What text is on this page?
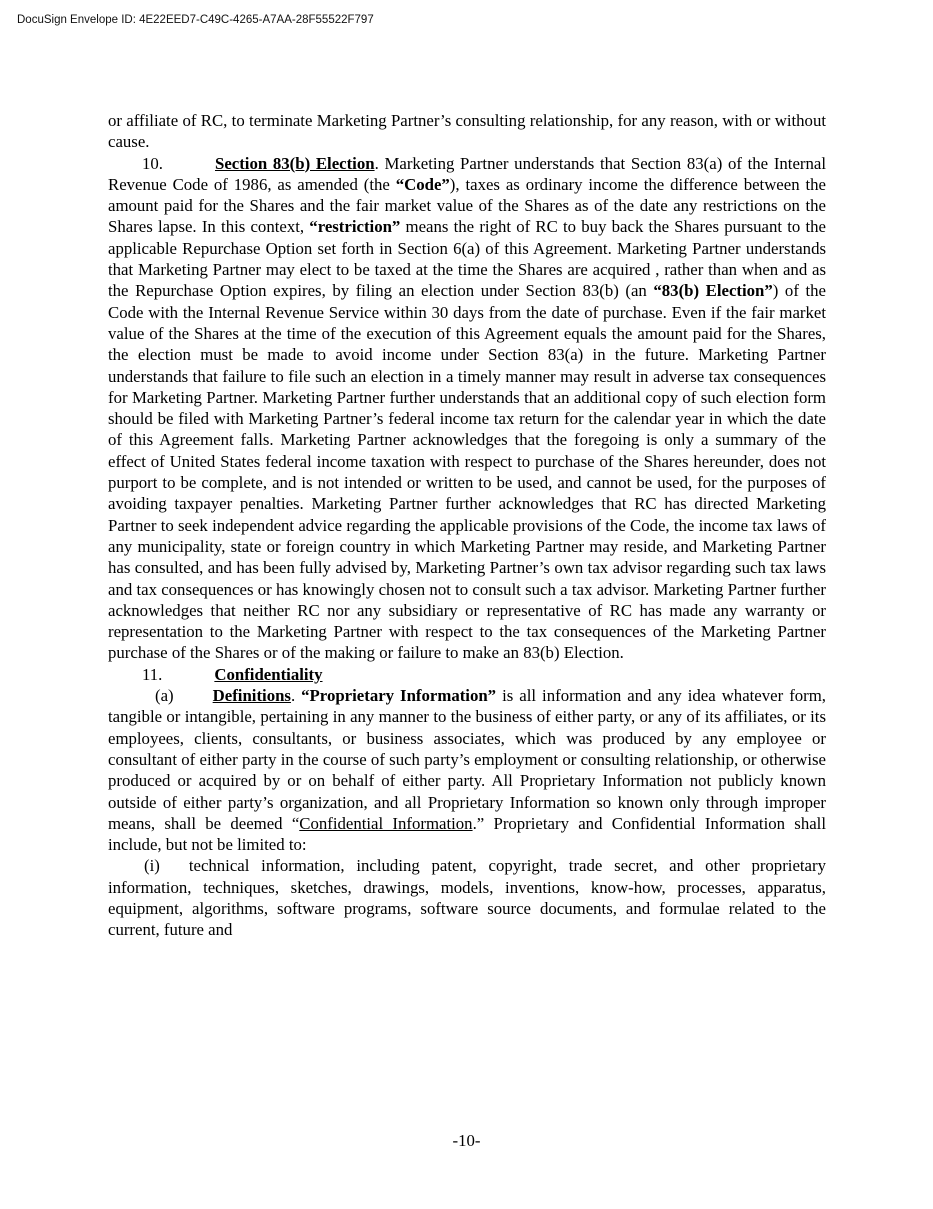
DocuSign Envelope ID: 4E22EED7-C49C-4265-A7AA-28F55522F797

or affiliate of RC, to terminate Marketing Partner’s consulting relationship, for any reason, with or without cause.

10.	Section 83(b) Election. Marketing Partner understands that Section 83(a) of the Internal Revenue Code of 1986, as amended (the “Code”), taxes as ordinary income the difference between the amount paid for the Shares and the fair market value of the Shares as of the date any restrictions on the Shares lapse. In this context, “restriction” means the right of RC to buy back the Shares pursuant to the applicable Repurchase Option set forth in Section 6(a) of this Agreement. Marketing Partner understands that Marketing Partner may elect to be taxed at the time the Shares are acquired , rather than when and as the Repurchase Option expires, by filing an election under Section 83(b) (an “83(b) Election”) of the Code with the Internal Revenue Service within 30 days from the date of purchase. Even if the fair market value of the Shares at the time of the execution of this Agreement equals the amount paid for the Shares, the election must be made to avoid income under Section 83(a) in the future. Marketing Partner understands that failure to file such an election in a timely manner may result in adverse tax consequences for Marketing Partner. Marketing Partner further understands that an additional copy of such election form should be filed with Marketing Partner’s federal income tax return for the calendar year in which the date of this Agreement falls. Marketing Partner acknowledges that the foregoing is only a summary of the effect of United States federal income taxation with respect to purchase of the Shares hereunder, does not purport to be complete, and is not intended or written to be used, and cannot be used, for the purposes of avoiding taxpayer penalties. Marketing Partner further acknowledges that RC has directed Marketing Partner to seek independent advice regarding the applicable provisions of the Code, the income tax laws of any municipality, state or foreign country in which Marketing Partner may reside, and Marketing Partner has consulted, and has been fully advised by, Marketing Partner’s own tax advisor regarding such tax laws and tax consequences or has knowingly chosen not to consult such a tax advisor. Marketing Partner further acknowledges that neither RC nor any subsidiary or representative of RC has made any warranty or representation to the Marketing Partner with respect to the tax consequences of the Marketing Partner purchase of the Shares or of the making or failure to make an 83(b) Election.

11.	Confidentiality

(a) Definitions. “Proprietary Information” is all information and any idea whatever form, tangible or intangible, pertaining in any manner to the business of either party, or any of its affiliates, or its employees, clients, consultants, or business associates, which was produced by any employee or consultant of either party in the course of such party’s employment or consulting relationship, or otherwise produced or acquired by or on behalf of either party. All Proprietary Information not publicly known outside of either party’s organization, and all Proprietary Information so known only through improper means, shall be deemed “Confidential Information.” Proprietary and Confidential Information shall include, but not be limited to:

(i) technical information, including patent, copyright, trade secret, and other proprietary information, techniques, sketches, drawings, models, inventions, know-how, processes, apparatus, equipment, algorithms, software programs, software source documents, and formulae related to the current, future and

-10-
